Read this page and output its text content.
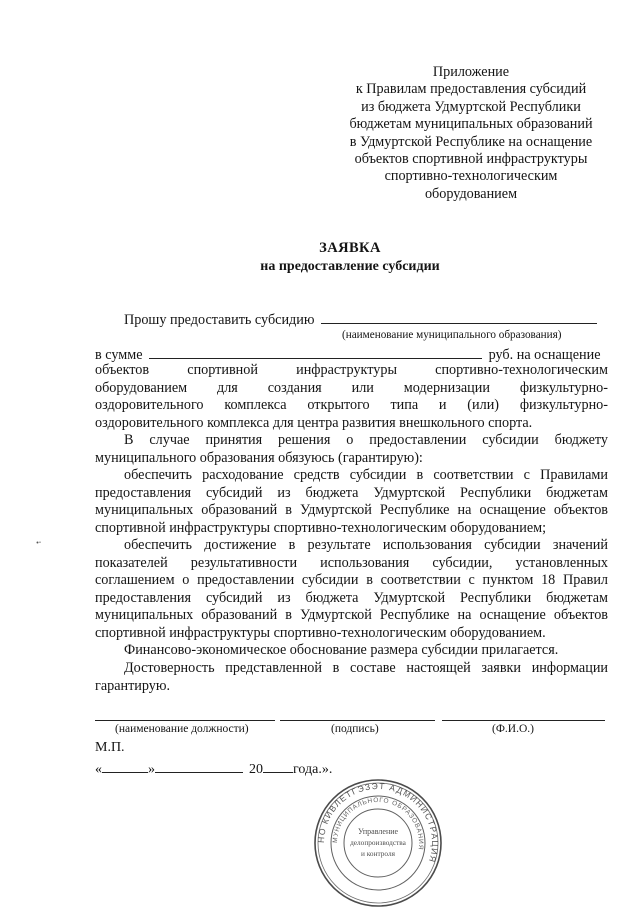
Приложение
к Правилам предоставления субсидий
из бюджета Удмуртской Республики
бюджетам муниципальных образований
в Удмуртской Республике на оснащение
объектов спортивной инфраструктуры
спортивно-технологическим
оборудованием
ЗАЯВКА
на предоставление субсидии
Прошу предоставить субсидию
(наименование муниципального образования)
в сумме	руб. на оснащение
объектов спортивной инфраструктуры спортивно-технологическим
оборудованием для создания или модернизации физкультурно-
оздоровительного комплекса открытого типа и (или) физкультурно-
оздоровительного комплекса для центра развития внешкольного спорта.
В случае принятия решения о предоставлении субсидии бюджету
муниципального образования обязуюсь (гарантирую):
обеспечить расходование средств субсидии в соответствии с Правилами
предоставления субсидий из бюджета Удмуртской Республики бюджетам
муниципальных образований в Удмуртской Республике на оснащение объектов
спортивной инфраструктуры спортивно-технологическим оборудованием;
обеспечить достижение в результате использования субсидии значений
показателей результативности использования субсидии, установленных
соглашением о предоставлении субсидии в соответствии с пунктом 18 Правил
предоставления субсидий из бюджета Удмуртской Республики бюджетам
муниципальных образований в Удмуртской Республике на оснащение объектов
спортивной инфраструктуры спортивно-технологическим оборудованием.
Финансово-экономическое обоснование размера субсидии прилагается.
Достоверность представленной в составе настоящей заявки информации
гарантирую.
(наименование должности)	(подпись)	(Ф.И.О.)
М.П.
«	»	20 года.».
НО КИВЛЕТГЭЗЭТ АДМИНИСТРАЦИЯ
МУНИЦИПАЛЬНОГО ОБРАЗОВАНИЯ
Управление
делопроизводства
и контроля
